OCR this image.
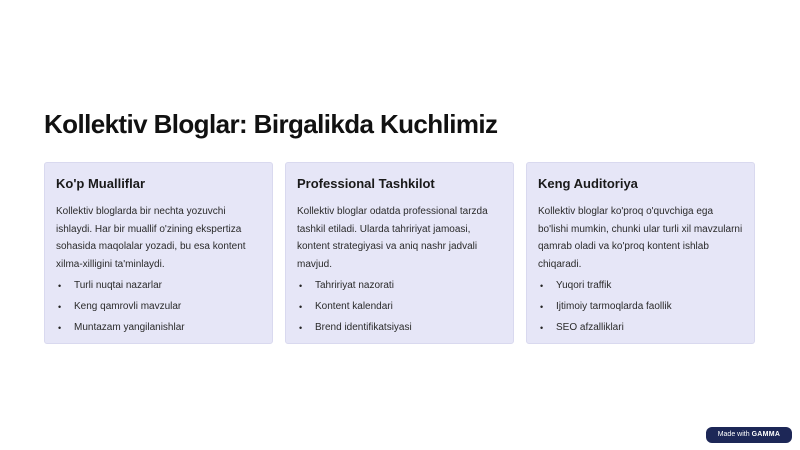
Kollektiv Bloglar: Birgalikda Kuchlimiz
Ko'p Mualliflar

Kollektiv bloglarda bir nechta yozuvchi ishlaydi. Har bir muallif o'zining ekspertiza sohasida maqolalar yozadi, bu esa kontent xilma-xilligini ta'minlaydi.

• Turli nuqtai nazarlar
• Keng qamrovli mavzular
• Muntazam yangilanishlar
Professional Tashkilot

Kollektiv bloglar odatda professional tarzda tashkil etiladi. Ularda tahririyat jamoasi, kontent strategiyasi va aniq nashr jadvali mavjud.

• Tahririyat nazorati
• Kontent kalendari
• Brend identifikatsiyasi
Keng Auditoriya

Kollektiv bloglar ko'proq o'quvchiga ega bo'lishi mumkin, chunki ular turli xil mavzularni qamrab oladi va ko'proq kontent ishlab chiqaradi.

• Yuqori traffik
• Ijtimoiy tarmoqlarda faollik
• SEO afzalliklari
Made with GAMMA
